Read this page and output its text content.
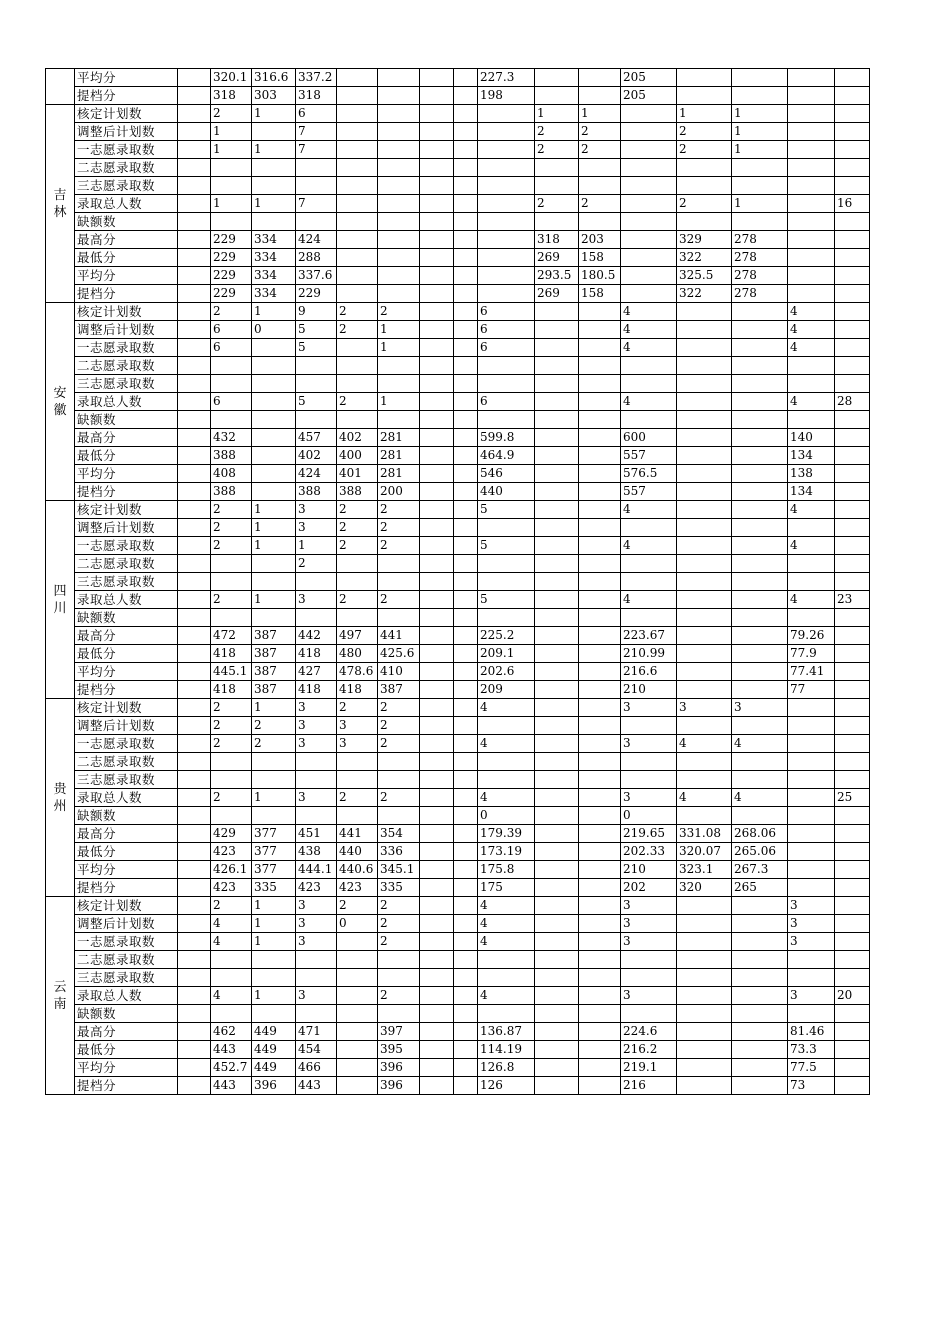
	平均分		320.1	316.6	337.2					227.3			205				
	提档分		318	303	318					198			205				

吉
林	核定计划数		2	1	6						1	1		1	1		
	调整后计划数		1		7						2	2		2	1		
	一志愿录取数		1	1	7						2	2		2	1		
	二志愿录取数																
	三志愿录取数																
	录取总人数		1	1	7						2	2		2	1		16
	缺额数																
	最高分		229	334	424						318	203		329	278		
	最低分		229	334	288						269	158		322	278		
	平均分		229	334	337.6						293.5	180.5		325.5	278		
	提档分		229	334	229						269	158		322	278		

安
徽	核定计划数		2	1	9	2	2			6			4			4	
	调整后计划数		6	0	5	2	1			6			4			4	
	一志愿录取数		6		5		1			6			4			4	
	二志愿录取数																
	三志愿录取数																
	录取总人数		6		5	2	1			6			4			4	28
	缺额数																
	最高分		432		457	402	281			599.8			600			140	
	最低分		388		402	400	281			464.9			557			134	
	平均分		408		424	401	281			546			576.5			138	
	提档分		388		388	388	200			440			557			134	

四
川	核定计划数		2	1	3	2	2			5			4			4	
	调整后计划数		2	1	3	2	2										
	一志愿录取数		2	1	1	2	2			5			4			4	
	二志愿录取数				2												
	三志愿录取数																
	录取总人数		2	1	3	2	2			5			4			4	23
	缺额数																
	最高分		472	387	442	497	441			225.2			223.67			79.26	
	最低分		418	387	418	480	425.6			209.1			210.99			77.9	
	平均分		445.1	387	427	478.6	410			202.6			216.6			77.41	
	提档分		418	387	418	418	387			209			210			77	

贵
州	核定计划数		2	1	3	2	2			4			3	3	3		
	调整后计划数		2	2	3	3	2										
	一志愿录取数		2	2	3	3	2			4			3	4	4		
	二志愿录取数																
	三志愿录取数																
	录取总人数		2	1	3	2	2			4			3	4	4		25
	缺额数									0			0				
	最高分		429	377	451	441	354			179.39			219.65	331.08	268.06		
	最低分		423	377	438	440	336			173.19			202.33	320.07	265.06		
	平均分		426.1	377	444.1	440.6	345.1			175.8			210	323.1	267.3		
	提档分		423	335	423	423	335			175			202	320	265		

云
南	核定计划数		2	1	3	2	2			4			3			3	
	调整后计划数		4	1	3	0	2			4			3			3	
	一志愿录取数		4	1	3		2			4			3			3	
	二志愿录取数																
	三志愿录取数																
	录取总人数		4	1	3		2			4			3			3	20
	缺额数																
	最高分		462	449	471		397			136.87			224.6			81.46	
	最低分		443	449	454		395			114.19			216.2			73.3	
	平均分		452.7	449	466		396			126.8			219.1			77.5	
	提档分		443	396	443		396			126			216			73	
